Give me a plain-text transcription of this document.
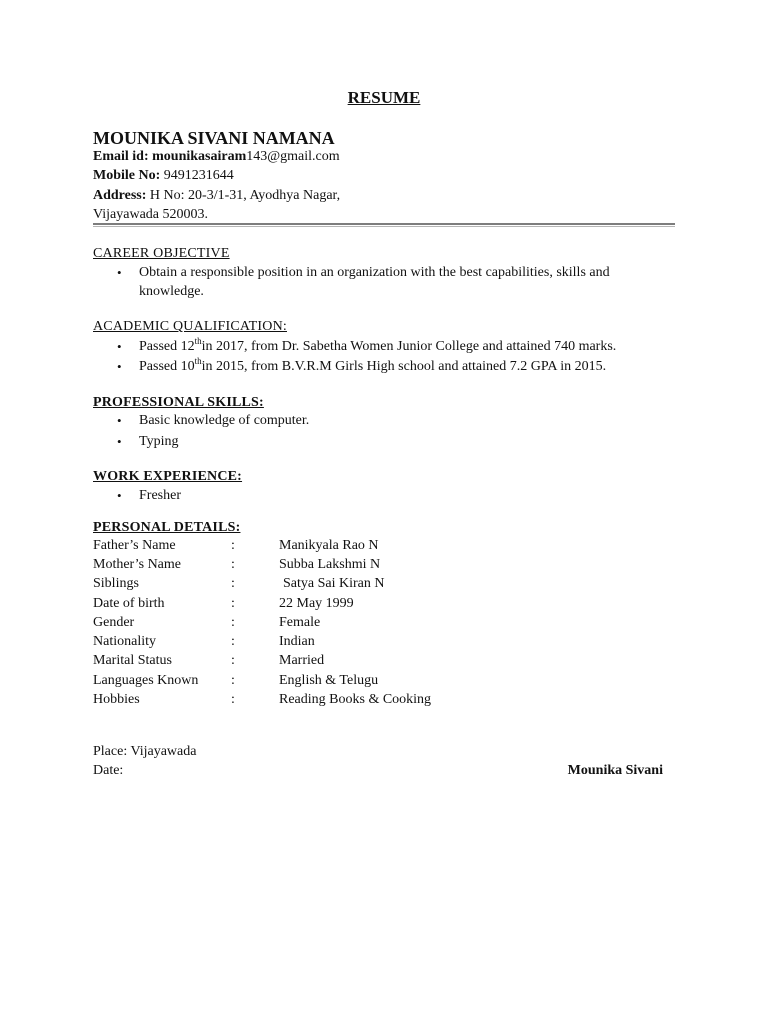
RESUME
MOUNIKA SIVANI NAMANA
Email id: mounikasairam143@gmail.com
Mobile No: 9491231644
Address: H No: 20-3/1-31, Ayodhya Nagar,
Vijayawada 520003.
CAREER OBJECTIVE
• Obtain a responsible position in an organization with the best capabilities, skills and
knowledge.
ACADEMIC QUALIFICATION:
• Passed 12thin 2017, from Dr. Sabetha Women Junior College and attained 740 marks.
• Passed 10thin 2015, from B.V.R.M Girls High school and attained 7.2 GPA in 2015.
PROFESSIONAL SKILLS:
• Basic knowledge of computer.
• Typing
WORK EXPERIENCE:
• Fresher
PERSONAL DETAILS:
Father’s Name	:	Manikyala Rao N
Mother’s Name	:	Subba Lakshmi N
Siblings	:	Satya Sai Kiran N
Date of birth	:	22 May 1999
Gender	:	Female
Nationality	:	Indian
Marital Status	:	Married
Languages Known :	English & Telugu
Hobbies	:	Reading Books & Cooking
Place: Vijayawada
Date:	Mounika Sivani
